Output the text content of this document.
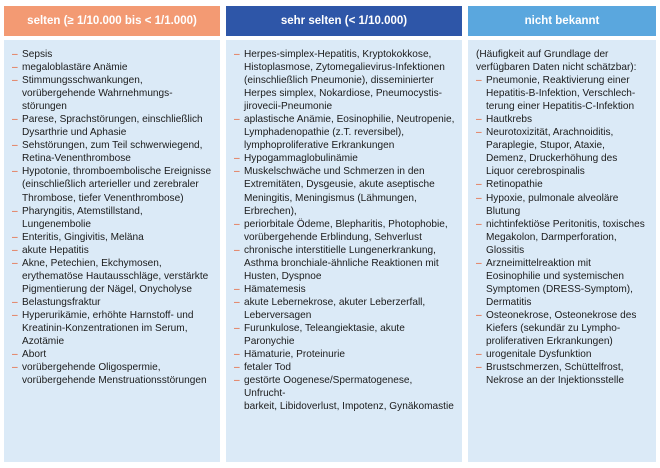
selten (≥ 1/10.000 bis < 1/1.000)
– Sepsis
– megaloblastäre Anämie
– Stimmungsschwankungen,
vorübergehende Wahrnehmungs-
störungen
– Parese, Sprachstörungen, einschließlich
Dysarthrie und Aphasie
– Sehstörungen, zum Teil schwerwiegend,
Retina-Venenthrombose
– Hypotonie, thromboembolische Ereignisse
(einschließlich arterieller und zerebraler
Thrombose, tiefer Venenthrombose)
– Pharyngitis, Atemstillstand,
Lungenembolie
– Enteritis, Gingivitis, Meläna
– akute Hepatitis
– Akne, Petechien, Ekchymosen,
erythematöse Hautausschläge, verstärkte
Pigmentierung der Nägel, Onycholyse
– Belastungsfraktur
– Hyperurikämie, erhöhte Harnstoff- und
Kreatinin-Konzentrationen im Serum,
Azotämie
– Abort
– vorübergehende Oligospermie,
vorübergehende Menstruationsstörungen
sehr selten (< 1/10.000)
– Herpes-simplex-Hepatitis, Kryptokokkose,
Histoplasmose, Zytomegalievirus-Infektionen
(einschließlich Pneumonie), disseminierter
Herpes simplex, Nokardiose, Pneumocystis-
jirovecii-Pneumonie
– aplastische Anämie, Eosinophilie, Neutropenie,
Lymphadenopathie (z.T. reversibel),
lymphoproliferative Erkrankungen
– Hypogammaglobulinämie
– Muskelschwäche und Schmerzen in den
Extremitäten, Dysgeusie, akute aseptische
Meningitis, Meningismus (Lähmungen,
Erbrechen),
– periorbitale Ödeme, Blepharitis, Photophobie,
vorübergehende Erblindung, Sehverlust
– chronische interstitielle Lungenerkrankung,
Asthma bronchiale-ähnliche Reaktionen mit
Husten, Dyspnoe
– Hämatemesis
– akute Lebernekrose, akuter Leberzerfall,
Leberversagen
– Furunkulose, Teleangiektasie, akute Paronychie
– Hämaturie, Proteinurie
– fetaler Tod
– gestörte Oogenese/Spermatogenese, Unfrucht-
barkeit, Libidoverlust, Impotenz, Gynäkomastie
nicht bekannt
(Häufigkeit auf Grundlage der
verfügbaren Daten nicht schätzbar):
– Pneumonie, Reaktivierung einer
Hepatitis-B-Infektion, Verschlech-
terung einer Hepatitis-C-Infektion
– Hautkrebs
– Neurotoxizität, Arachnoiditis,
Paraplegie, Stupor, Ataxie,
Demenz, Druckerhöhung des
Liquor cerebrospinalis
– Retinopathie
– Hypoxie, pulmonale alveoläre
Blutung
– nichtinfektiöse Peritonitis, toxisches
Megakolon, Darmperforation,
Glossitis
– Arzneimittelreaktion mit
Eosinophilie und systemischen
Symptomen (DRESS-Symptom),
Dermatitis
– Osteonekrose, Osteonekrose des
Kiefers (sekundär zu Lympho-
proliferativen Erkrankungen)
– urogenitale Dysfunktion
– Brustschmerzen, Schüttelfrost,
Nekrose an der Injektionsstelle
